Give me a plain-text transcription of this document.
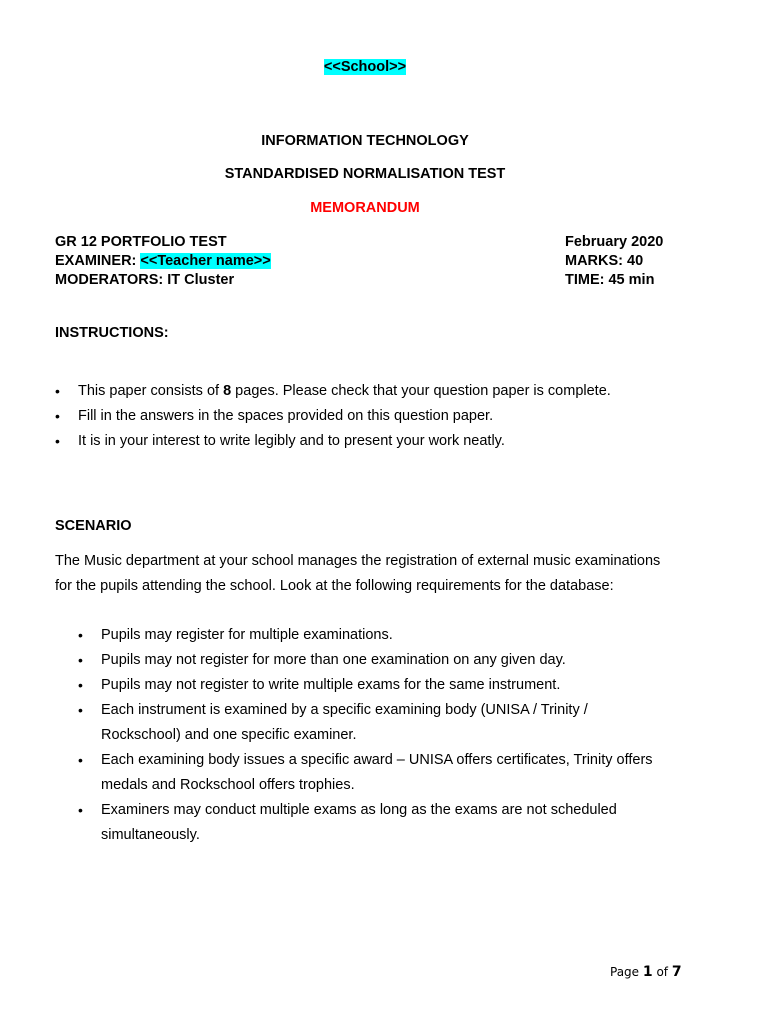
<<School>>
INFORMATION TECHNOLOGY
STANDARDISED NORMALISATION TEST
MEMORANDUM
GR 12 PORTFOLIO TEST	February 2020
EXAMINER: <<Teacher name>>	MARKS: 40
MODERATORS: IT Cluster	TIME: 45 min
INSTRUCTIONS:
• This paper consists of 8 pages. Please check that your question paper is complete.
• Fill in the answers in the spaces provided on this question paper.
• It is in your interest to write legibly and to present your work neatly.
SCENARIO
The Music department at your school manages the registration of external music examinations for the pupils attending the school. Look at the following requirements for the database:
• Pupils may register for multiple examinations.
• Pupils may not register for more than one examination on any given day.
• Pupils may not register to write multiple exams for the same instrument.
• Each instrument is examined by a specific examining body (UNISA / Trinity / Rockschool) and one specific examiner.
• Each examining body issues a specific award – UNISA offers certificates, Trinity offers medals and Rockschool offers trophies.
• Examiners may conduct multiple exams as long as the exams are not scheduled simultaneously.
Page 1 of 7
